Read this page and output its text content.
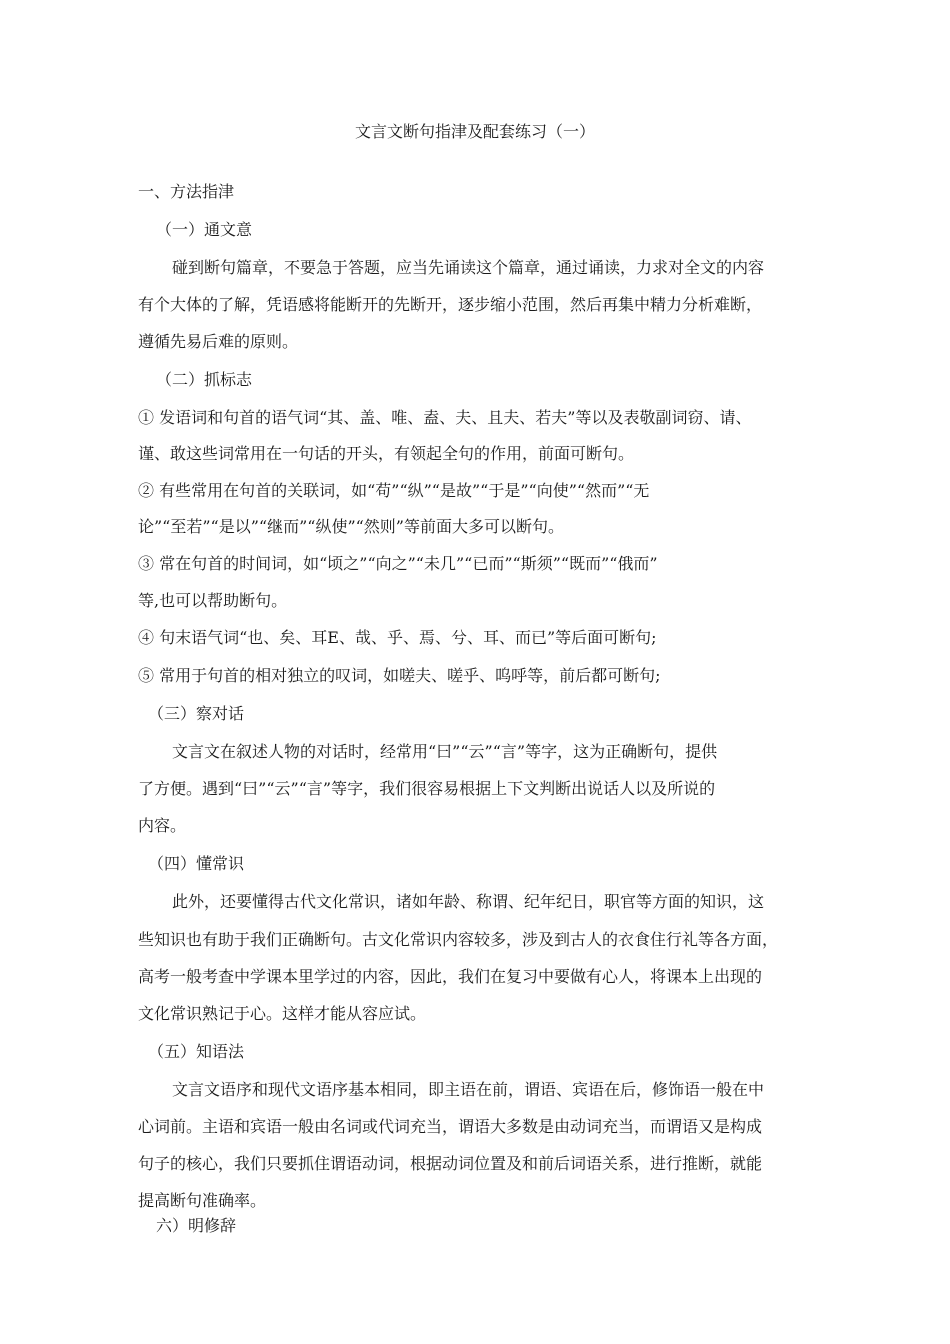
文言文断句指津及配套练习（一）
一、方法指津
（一）通文意
碰到断句篇章，不要急于答题，应当先诵读这个篇章，通过诵读，力求对全文的内容
有个大体的了解，凭语感将能断开的先断开，逐步缩小范围，然后再集中精力分析难断，
遵循先易后难的原则。
（二）抓标志
① 发语词和句首的语气词“其、盖、唯、盍、夫、且夫、若夫”等以及表敬副词窃、请、
谨、敢这些词常用在一句话的开头，有领起全句的作用，前面可断句。
② 有些常用在句首的关联词，如“苟”“纵”“是故”“于是”“向使”“然而”“无
论”“至若”“是以”“继而”“纵使”“然则”等前面大多可以断句。
③ 常在句首的时间词，如“顷之”“向之”“未几”“已而”“斯须”“既而”“俄而”
等,也可以帮助断句。
④ 句末语气词“也、矣、耳E、哉、乎、焉、兮、耳、而已”等后面可断句;
⑤ 常用于句首的相对独立的叹词，如嗟夫、嗟乎、呜呼等，前后都可断句;
（三）察对话
文言文在叙述人物的对话时，经常用“曰”“云”“言”等字，这为正确断句，提供
了方便。遇到“曰”“云”“言”等字，我们很容易根据上下文判断出说话人以及所说的
内容。
（四）懂常识
此外，还要懂得古代文化常识，诸如年龄、称谓、纪年纪日，职官等方面的知识，这
些知识也有助于我们正确断句。古文化常识内容较多，涉及到古人的衣食住行礼等各方面，
高考一般考查中学课本里学过的内容，因此，我们在复习中要做有心人，将课本上出现的
文化常识熟记于心。这样才能从容应试。
（五）知语法
文言文语序和现代文语序基本相同，即主语在前，谓语、宾语在后，修饰语一般在中
心词前。主语和宾语一般由名词或代词充当，谓语大多数是由动词充当，而谓语又是构成
句子的核心，我们只要抓住谓语动词，根据动词位置及和前后词语关系，进行推断，就能
提高断句准确率。
六）明修辞
